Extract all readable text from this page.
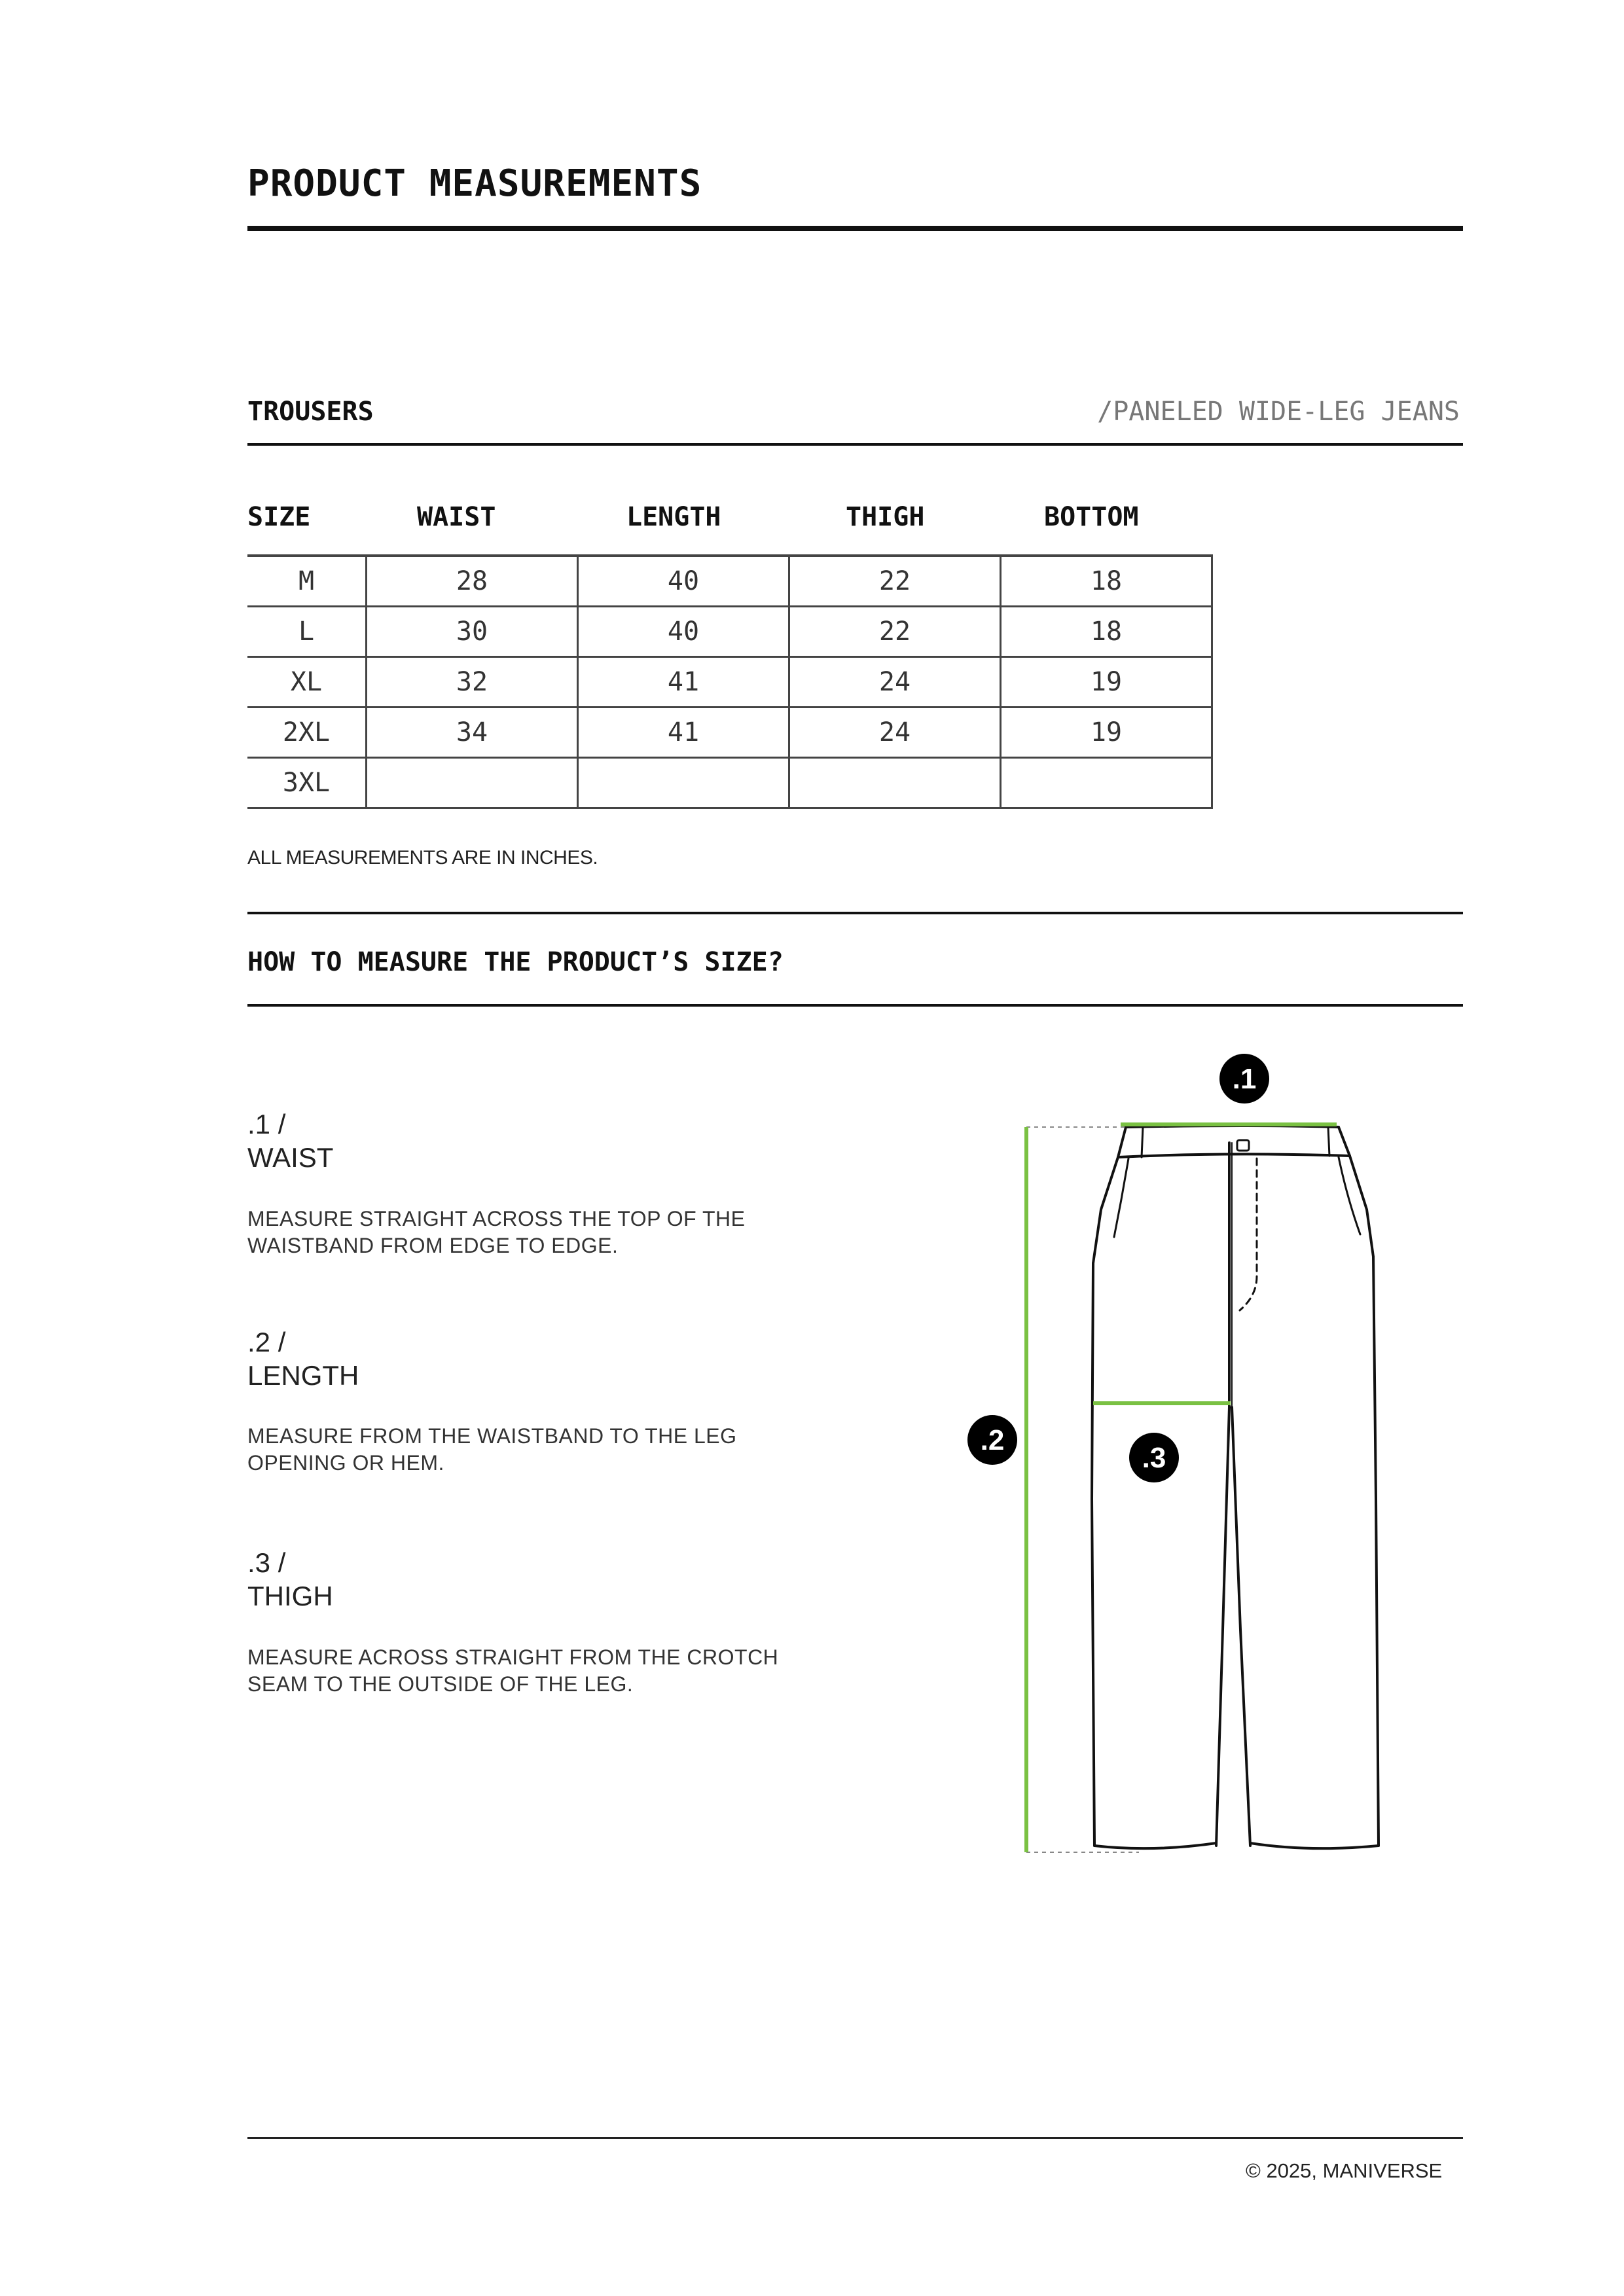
PRODUCT MEASUREMENTS
TROUSERS	/PANELED WIDE-LEG JEANS
SIZE	WAIST	LENGTH	THIGH	BOTTOM
M	28	40	22	18
L	30	40	22	18
XL	32	41	24	19
2XL	34	41	24	19
3XL				
ALL MEASUREMENTS ARE IN INCHES.
HOW TO MEASURE THE PRODUCT’S SIZE?
.1 /
WAIST
MEASURE STRAIGHT ACROSS THE TOP OF THE WAISTBAND FROM EDGE TO EDGE.
.2 /
LENGTH
MEASURE FROM THE WAISTBAND TO THE LEG OPENING OR HEM.
.3 /
THIGH
MEASURE ACROSS STRAIGHT FROM THE CROTCH SEAM TO THE OUTSIDE OF THE LEG.
.1
.2
.3
© 2025, MANIVERSE
